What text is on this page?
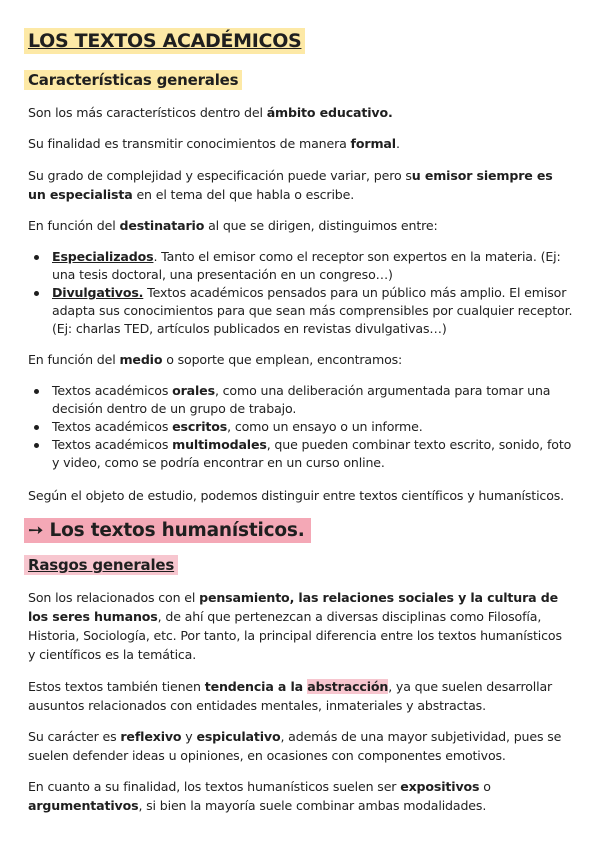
LOS TEXTOS ACADÉMICOS
Características generales

Son los más característicos dentro del ámbito educativo.

Su finalidad es transmitir conocimientos de manera formal.

Su grado de complejidad y especificación puede variar, pero su emisor siempre es un especialista en el tema del que habla o escribe.

En función del destinatario al que se dirigen, distinguimos entre:

Especializados. Tanto el emisor como el receptor son expertos en la materia. (Ej: una tesis doctoral, una presentación en un congreso…)
Divulgativos. Textos académicos pensados para un público más amplio. El emisor adapta sus conocimientos para que sean más comprensibles por cualquier receptor. (Ej: charlas TED, artículos publicados en revistas divulgativas…)

En función del medio o soporte que emplean, encontramos:

Textos académicos orales, como una deliberación argumentada para tomar una decisión dentro de un grupo de trabajo.
Textos académicos escritos, como un ensayo o un informe.
Textos académicos multimodales, que pueden combinar texto escrito, sonido, foto y video, como se podría encontrar en un curso online.

Según el objeto de estudio, podemos distinguir entre textos científicos y humanísticos.

➙ Los textos humanísticos.
Rasgos generales

Son los relacionados con el pensamiento, las relaciones sociales y la cultura de los seres humanos, de ahí que pertenezcan a diversas disciplinas como Filosofía, Historia, Sociología, etc. Por tanto, la principal diferencia entre los textos humanísticos y científicos es la temática.

Estos textos también tienen tendencia a la abstracción, ya que suelen desarrollar ausuntos relacionados con entidades mentales, inmateriales y abstractas.

Su carácter es reflexivo y espiculativo, además de una mayor subjetividad, pues se suelen defender ideas u opiniones, en ocasiones con componentes emotivos.

En cuanto a su finalidad, los textos humanísticos suelen ser expositivos o argumentativos, si bien la mayoría suele combinar ambas modalidades.
